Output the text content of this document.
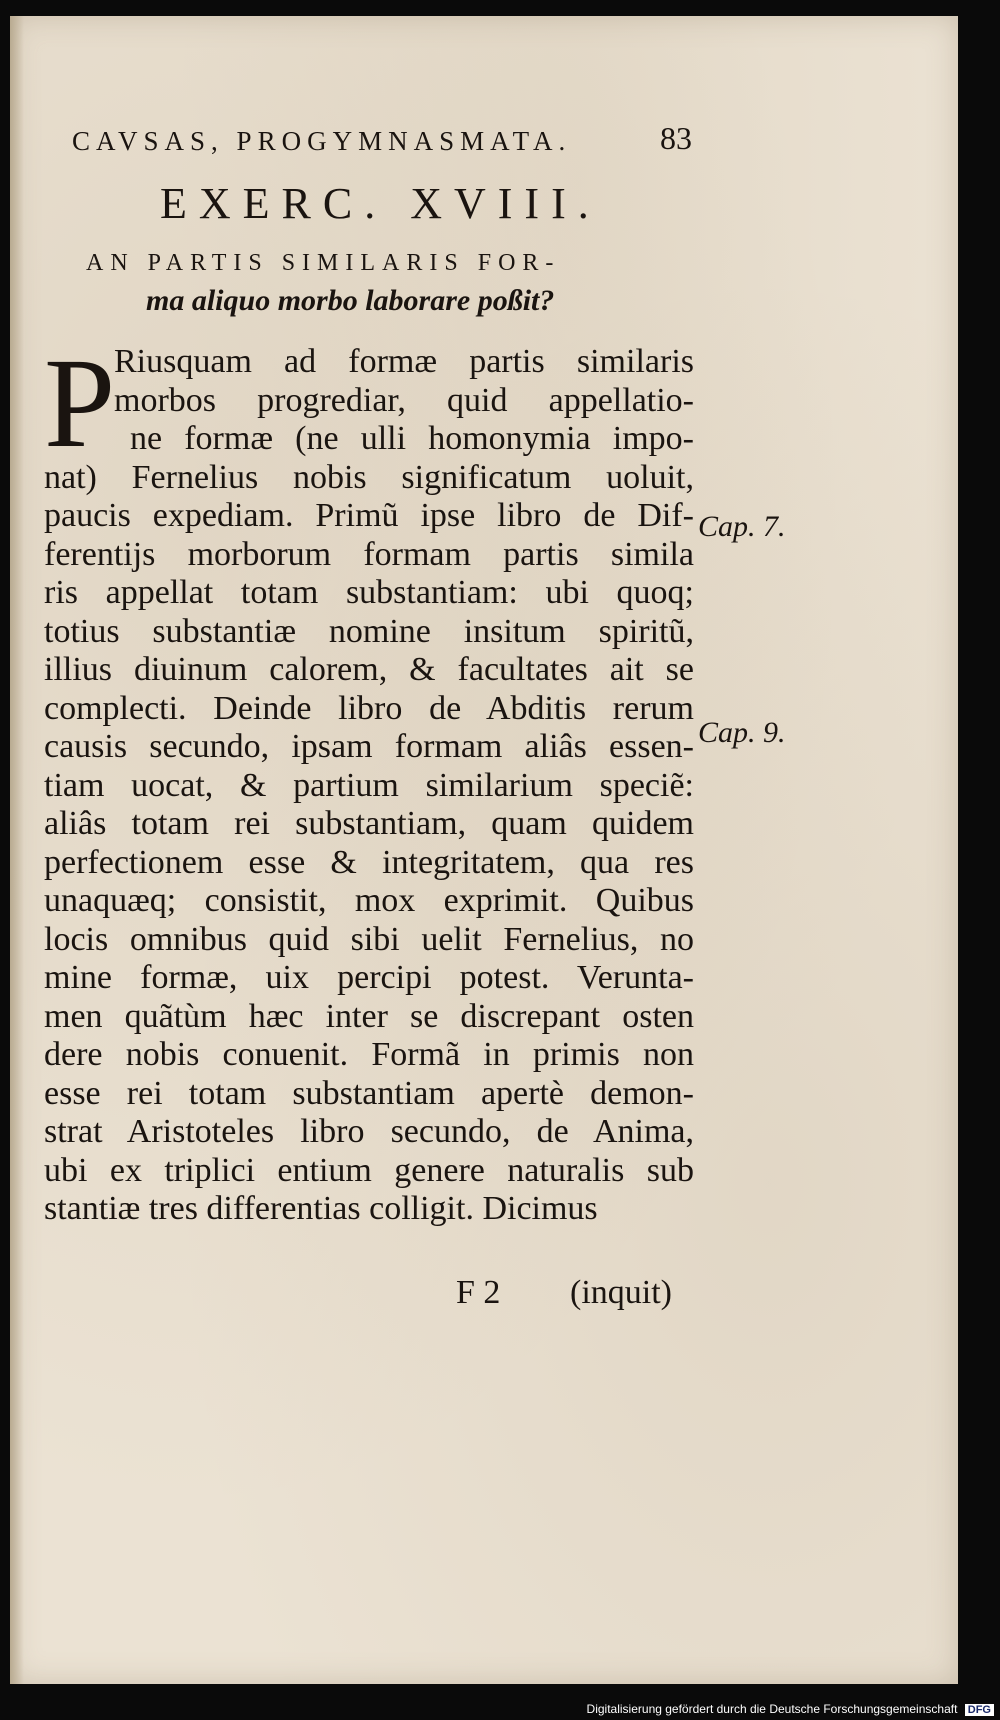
CAVSAS, PROGYMNASMATA.	83
EXERC. XVIII.
AN PARTIS SIMILARIS FOR-
ma aliquo morbo laborare poßit?
P
Riusquam ad formæ partis similaris
morbos progrediar, quid appellatio-
ne formæ (ne ulli homonymia impo-
nat) Fernelius nobis significatum uoluit,
paucis expediam. Primũ ipse libro de Dif-
ferentijs morborum formam partis simila
ris appellat totam substantiam: ubi quoq;
totius substantiæ nomine insitum spiritũ,
illius diuinum calorem, & facultates ait se
complecti. Deinde libro de Abditis rerum
causis secundo, ipsam formam aliâs essen-
tiam uocat, & partium similarium speciẽ:
aliâs totam rei substantiam, quam quidem
perfectionem esse & integritatem, qua res
unaquæq; consistit, mox exprimit. Quibus
locis omnibus quid sibi uelit Fernelius, no
mine formæ, uix percipi potest. Verunta-
men quãtùm hæc inter se discrepant osten
dere nobis conuenit. Formã in primis non
esse rei totam substantiam apertè demon-
strat Aristoteles libro secundo, de Anima,
ubi ex triplici entium genere naturalis sub
stantiæ tres differentias colligit. Dicimus
Cap. 7.
Cap. 9.
F 2 (inquit)
Digitalisierung gefördert durch die Deutsche Forschungsgemeinschaft DFG
